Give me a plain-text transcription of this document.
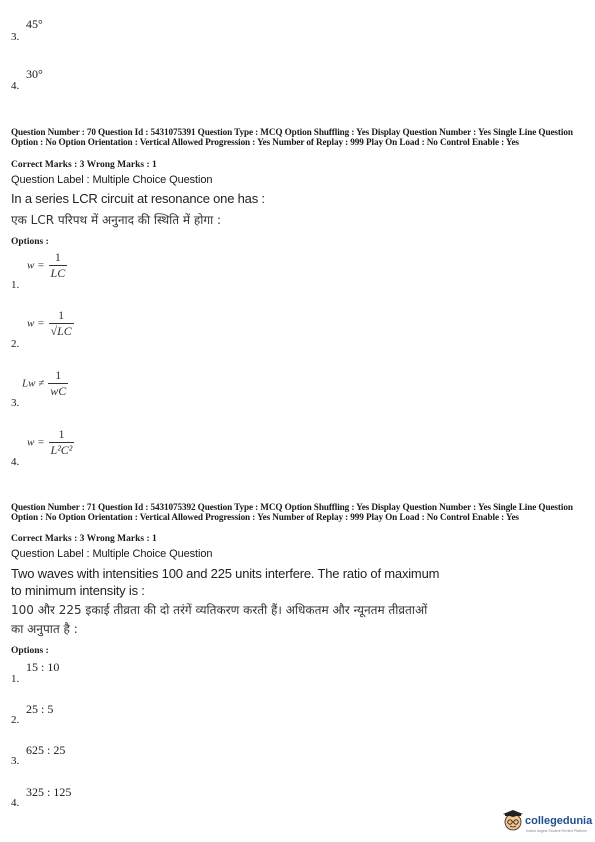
45°
3.
30°
4.
Question Number : 70 Question Id : 5431075391 Question Type : MCQ Option Shuffling : Yes Display Question Number : Yes Single Line Question Option : No Option Orientation : Vertical Allowed Progression : Yes Number of Replay : 999 Play On Load : No Control Enable : Yes
Correct Marks : 3 Wrong Marks : 1
Question Label : Multiple Choice Question
In a series LCR circuit at resonance one has :
एक LCR परिपथ में अनुनाद की स्थिति में होगा :
Options :
$w = \frac{1}{LC}$
1.
$w = \frac{1}{√LC}$
2.
$Lw \ne \frac{1}{wC}$
3.
$w = \frac{1}{\text{L²C²}}$
4.
Question Number : 71 Question Id : 5431075392 Question Type : MCQ Option Shuffling : Yes Display Question Number : Yes Single Line Question Option : No Option Orientation : Vertical Allowed Progression : Yes Number of Replay : 999 Play On Load : No Control Enable : Yes
Correct Marks : 3 Wrong Marks : 1
Question Label : Multiple Choice Question
Two waves with intensities 100 and 225 units interfere. The ratio of maximum
to minimum intensity is :
100 और 225 इकाई तीव्रता की दो तरंगें व्यतिकरण करती हैं। अधिकतम और न्यूनतम तीव्रताओं
का अनुपात है :
Options :
15 : 10
1.
25 : 5
2.
625 : 25
3.
325 : 125
4.
collegedunia
India's largest Student Review Platform
